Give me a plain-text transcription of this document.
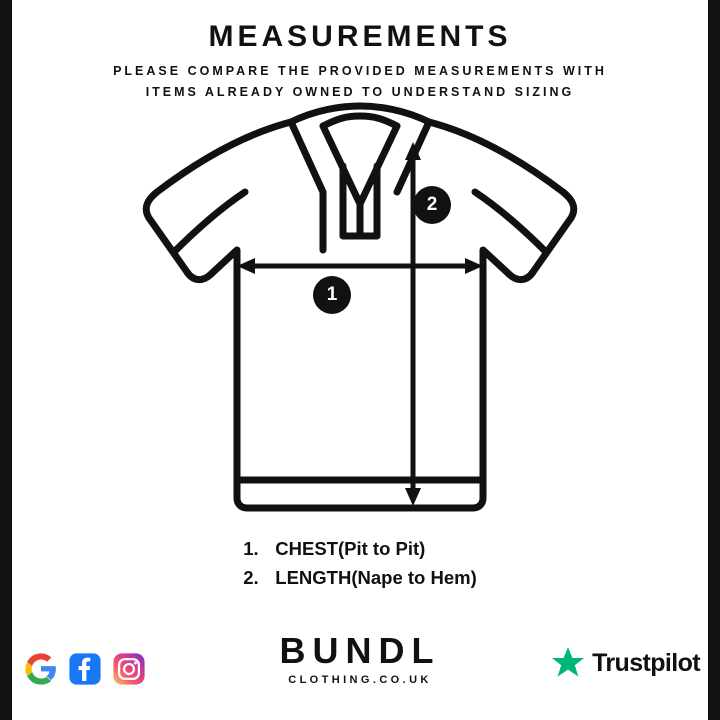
MEASUREMENTS
PLEASE COMPARE THE PROVIDED MEASUREMENTS WITH
ITEMS ALREADY OWNED TO UNDERSTAND SIZING
1
2
1. CHEST (Pit to Pit)
2. LENGTH (Nape to Hem)
BUNDL
CLOTHING.CO.UK
Trustpilot
